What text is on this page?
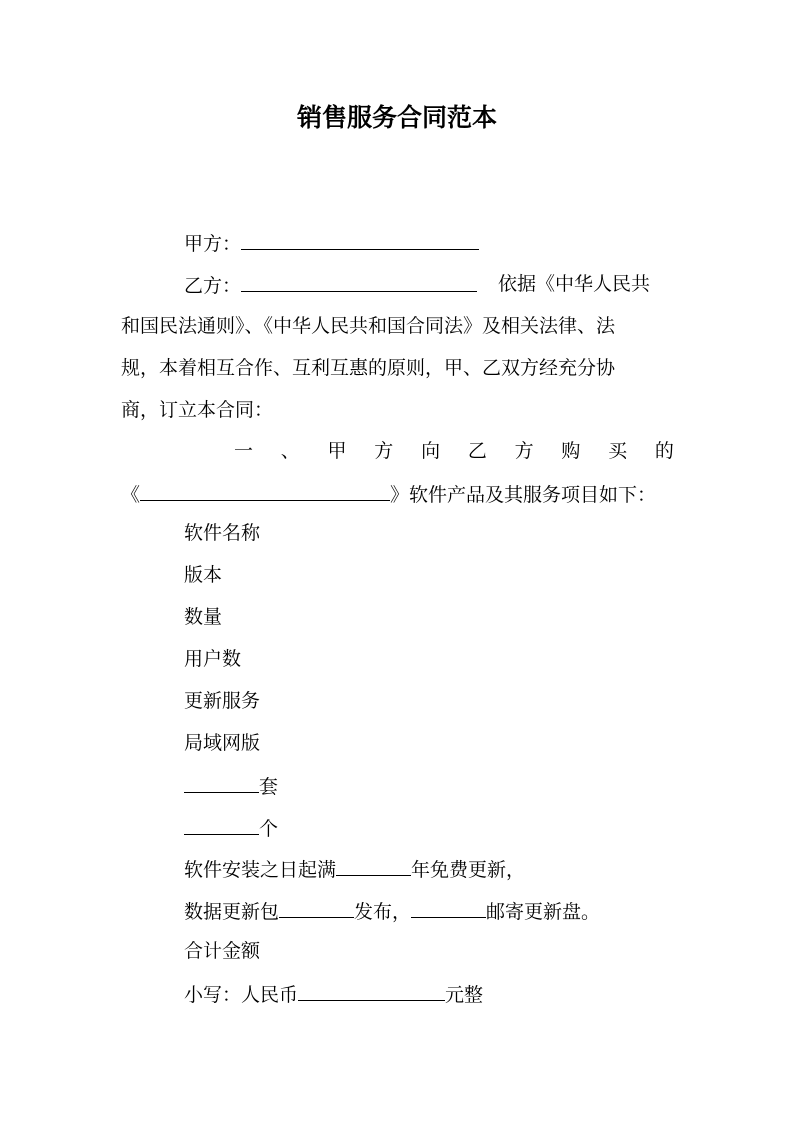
销售服务合同范本
甲方：
乙方：	依据《中华人民共
和国民法通则》、《中华人民共和国合同法》及相关法律、法
规，本着相互合作、互利互惠的原则，甲、乙双方经充分协
商，订立本合同：
一 、 甲 方 向 乙 方 购 买 的
《	》软件产品及其服务项目如下：
软件名称
版本
数量
用户数
更新服务
局域网版
套
个
软件安装之日起满	年免费更新，
数据更新包	发布，	邮寄更新盘。
合计金额
小写：人民币	元整
